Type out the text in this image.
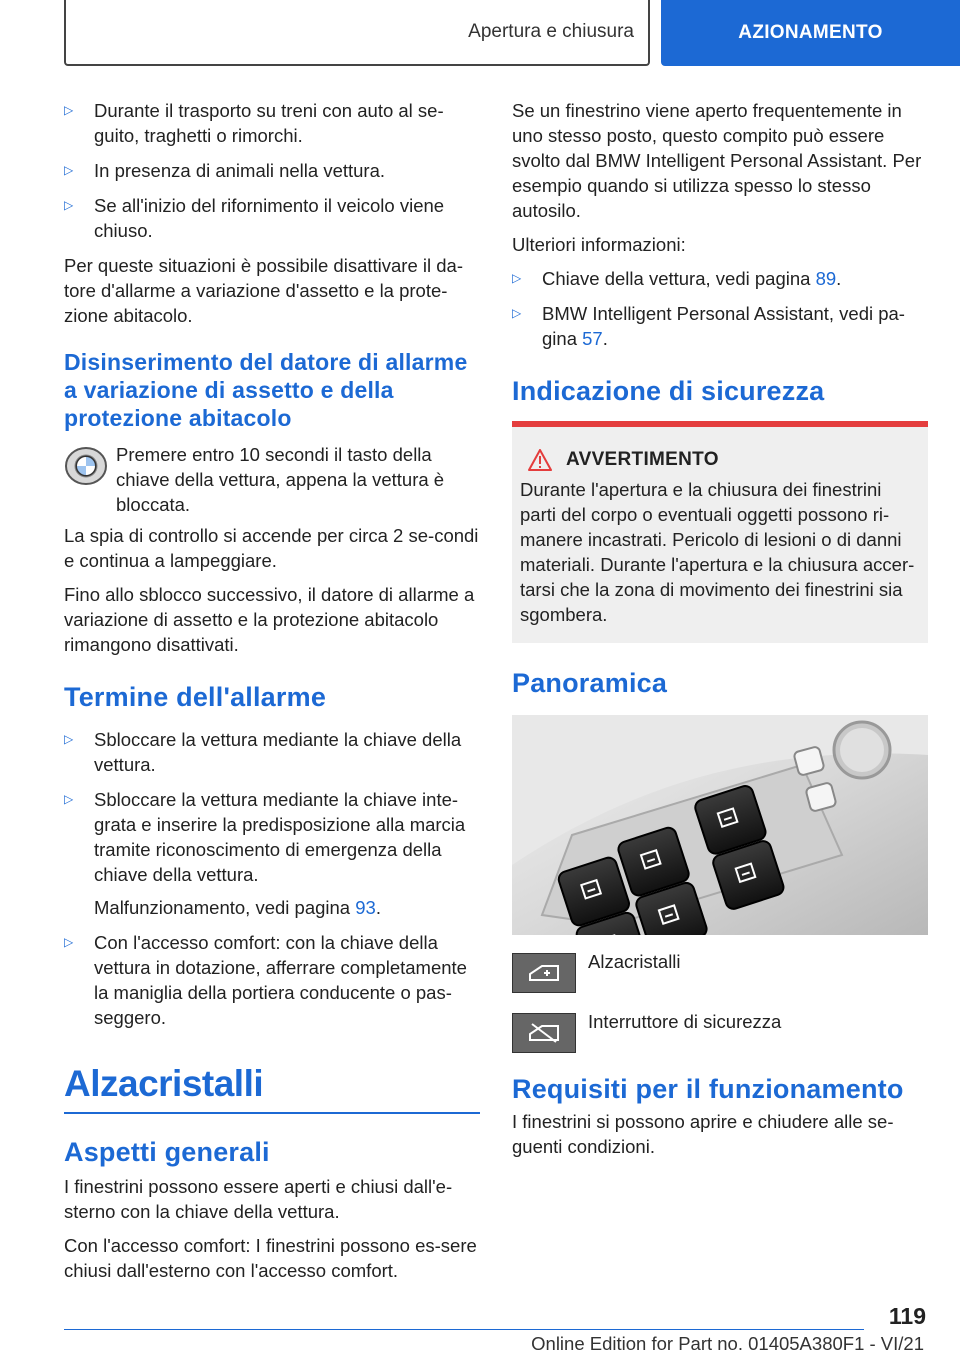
Apertura e chiusura	AZIONAMENTO
▷ Durante il trasporto su treni con auto al se-guito, traghetti o rimorchi.
▷ In presenza di animali nella vettura.
▷ Se all'inizio del rifornimento il veicolo viene chiuso.

Per queste situazioni è possibile disattivare il da-tore d'allarme a variazione d'assetto e la prote-zione abitacolo.

Disinserimento del datore di allarme a variazione di assetto e della protezione abitacolo
Premere entro 10 secondi il tasto della chiave della vettura, appena la vettura è bloccata.

La spia di controllo si accende per circa 2 se-condi e continua a lampeggiare.

Fino allo sblocco successivo, il datore di allarme a variazione di assetto e la protezione abitacolo rimangono disattivati.

Termine dell'allarme
▷ Sbloccare la vettura mediante la chiave della vettura.
▷ Sbloccare la vettura mediante la chiave inte-grata e inserire la predisposizione alla marcia tramite riconoscimento di emergenza della chiave della vettura.
Malfunzionamento, vedi pagina 93.
▷ Con l'accesso comfort: con la chiave della vettura in dotazione, afferrare completamente la maniglia della portiera conducente o pas-seggero.
Alzacristalli
Aspetti generali

I finestrini possono essere aperti e chiusi dall'e-sterno con la chiave della vettura.

Con l'accesso comfort: I finestrini possono es-sere chiusi dall'esterno con l'accesso comfort.

Se un finestrino viene aperto frequentemente in uno stesso posto, questo compito può essere svolto dal BMW Intelligent Personal Assistant. Per esempio quando si utilizza spesso lo stesso autosilo.

Ulteriori informazioni:

▷ Chiave della vettura, vedi pagina 89.
▷ BMW Intelligent Personal Assistant, vedi pa-gina 57.
Indicazione di sicurezza
AVVERTIMENTO
Durante l'apertura e la chiusura dei finestrini parti del corpo o eventuali oggetti possono ri-manere incastrati. Pericolo di lesioni o di danni materiali. Durante l'apertura e la chiusura accer-tarsi che la zona di movimento dei finestrini sia sgombera.
Panoramica
Alzacristalli
Interruttore di sicurezza
Requisiti per il funzionamento

I finestrini si possono aprire e chiudere alle se-guenti condizioni.

119
Online Edition for Part no. 01405A380F1 - VI/21
